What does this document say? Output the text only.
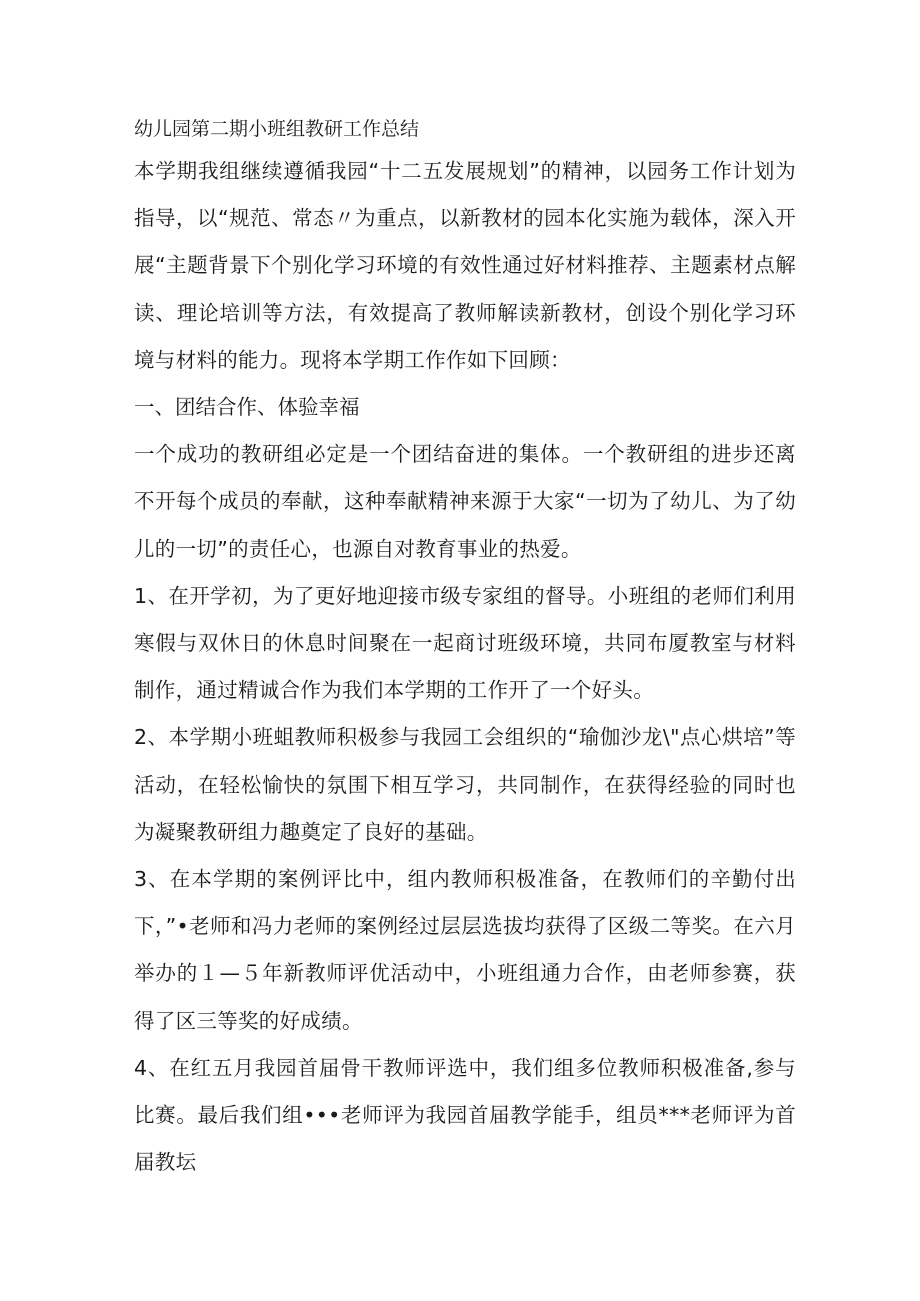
幼儿园第二期小班组教研工作总结

本学期我组继续遵循我园“十二五发展规划”的精神，以园务工作计划为指导，以“规范、常态〃为重点，以新教材的园本化实施为载体，深入开展“主题背景下个别化学习环境的有效性通过好材料推荐、主题素材点解读、理论培训等方法，有效提高了教师解读新教材，创设个别化学习环境与材料的能力。现将本学期工作作如下回顾：

一、团结合作、体验幸福

一个成功的教研组必定是一个团结奋进的集体。一个教研组的进步还离不开每个成员的奉献，这种奉献精神来源于大家“一切为了幼儿、为了幼儿的一切”的责任心，也源自对教育事业的热爱。

1、在开学初，为了更好地迎接市级专家组的督导。小班组的老师们利用寒假与双休日的休息时间聚在一起商讨班级环境，共同布厦教室与材料制作，通过精诚合作为我们本学期的工作开了一个好头。

2、本学期小班蛆教师积极参与我园工会组织的“瑜伽沙龙\"点心烘培”等活动，在轻松愉快的氛围下相互学习，共同制作，在获得经验的同时也为凝聚教研组力趣奠定了良好的基础。

3、在本学期的案例评比中，组内教师积极准备，在教师们的辛勤付出下，”•老师和冯力老师的案例经过层层选拔均获得了区级二等奖。在六月举办的１—５年新教师评优活动中，小班组通力合作，由老师参赛，获得了区三等奖的好成绩。

4、在红五月我园首届骨干教师评选中，我们组多位教师积极准备,参与比赛。最后我们组•••老师评为我园首届教学能手，组员***老师评为首届教坛
